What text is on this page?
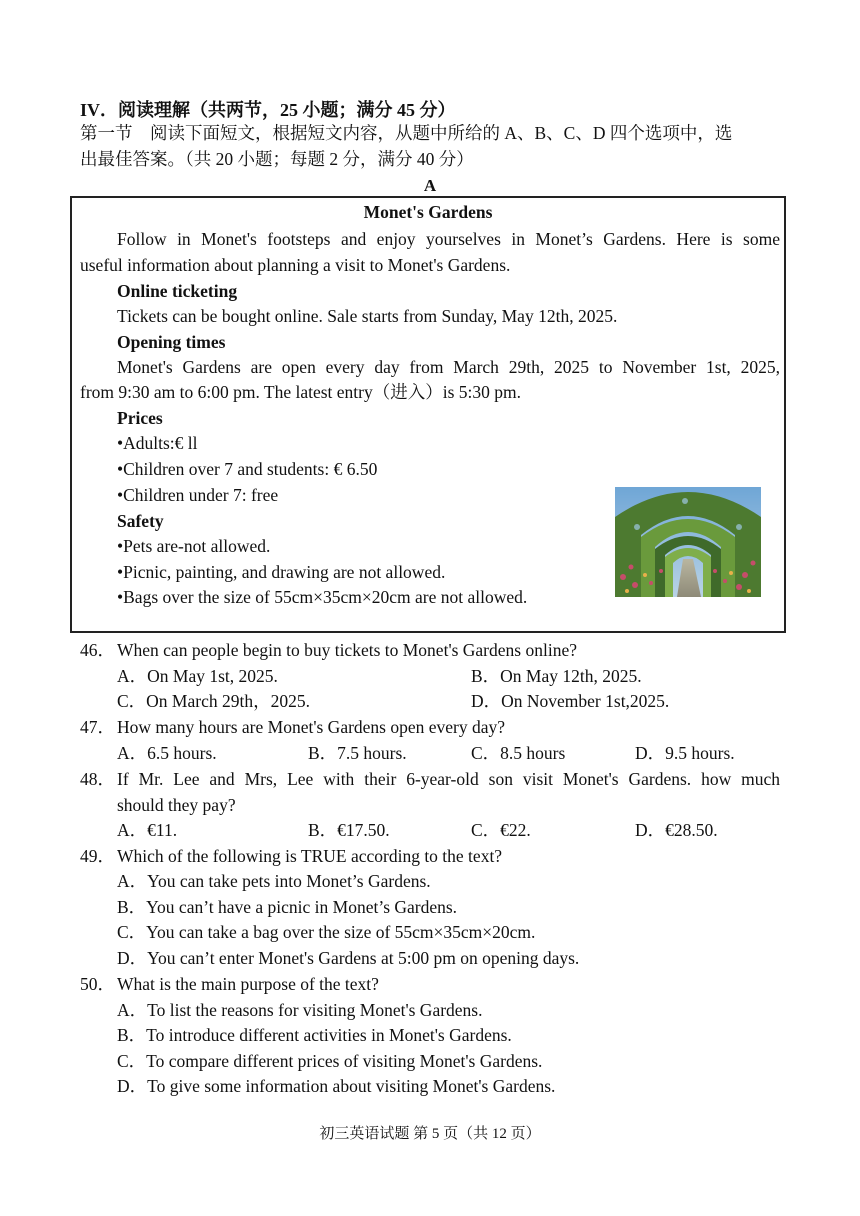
IV．阅读理解（共两节，25 小题；满分 45 分）
第一节　阅读下面短文，根据短文内容，从题中所给的 A、B、C、D 四个选项中，选
出最佳答案。（共 20 小题；每题 2 分，满分 40 分）
A
Monet's Gardens
Follow in Monet's footsteps and enjoy yourselves in Monet’s Gardens. Here is some
useful information about planning a visit to Monet's Gardens.
Online ticketing
Tickets can be bought online. Sale starts from Sunday, May 12th, 2025.
Opening times
Monet's Gardens are open every day from March 29th, 2025 to November 1st, 2025,
from 9:30 am to 6:00 pm. The latest entry（进入）is 5:30 pm.
Prices
•Adults:€ ll
•Children over 7 and students: € 6.50
•Children under 7: free
Safety
•Pets are-not allowed.
•Picnic, painting, and drawing are not allowed.
•Bags over the size of 55cm×35cm×20cm are not allowed.
46． When can people begin to buy tickets to Monet's Gardens online?
A．On May 1st, 2025.	B．On May 12th, 2025.
C．On March 29th，2025.	D．On November 1st,2025.
47． How many hours are Monet's Gardens open every day?
A．6.5 hours.	B．7.5 hours.	C．8.5 hours	D．9.5 hours.
48． If Mr. Lee and Mrs, Lee with their 6-year-old son visit Monet's Gardens. how much
should they pay?
A．€11.	B．€17.50.	C．€22.	D．€28.50.
49． Which of the following is TRUE according to the text?
A．You can take pets into Monet’s Gardens.
B．You can’t have a picnic in Monet’s Gardens.
C．You can take a bag over the size of 55cm×35cm×20cm.
D．You can’t enter Monet's Gardens at 5:00 pm on opening days.
50． What is the main purpose of the text?
A．To list the reasons for visiting Monet's Gardens.
B．To introduce different activities in Monet's Gardens.
C．To compare different prices of visiting Monet's Gardens.
D．To give some information about visiting Monet's Gardens.
初三英语试题 第 5 页（共 12 页）
